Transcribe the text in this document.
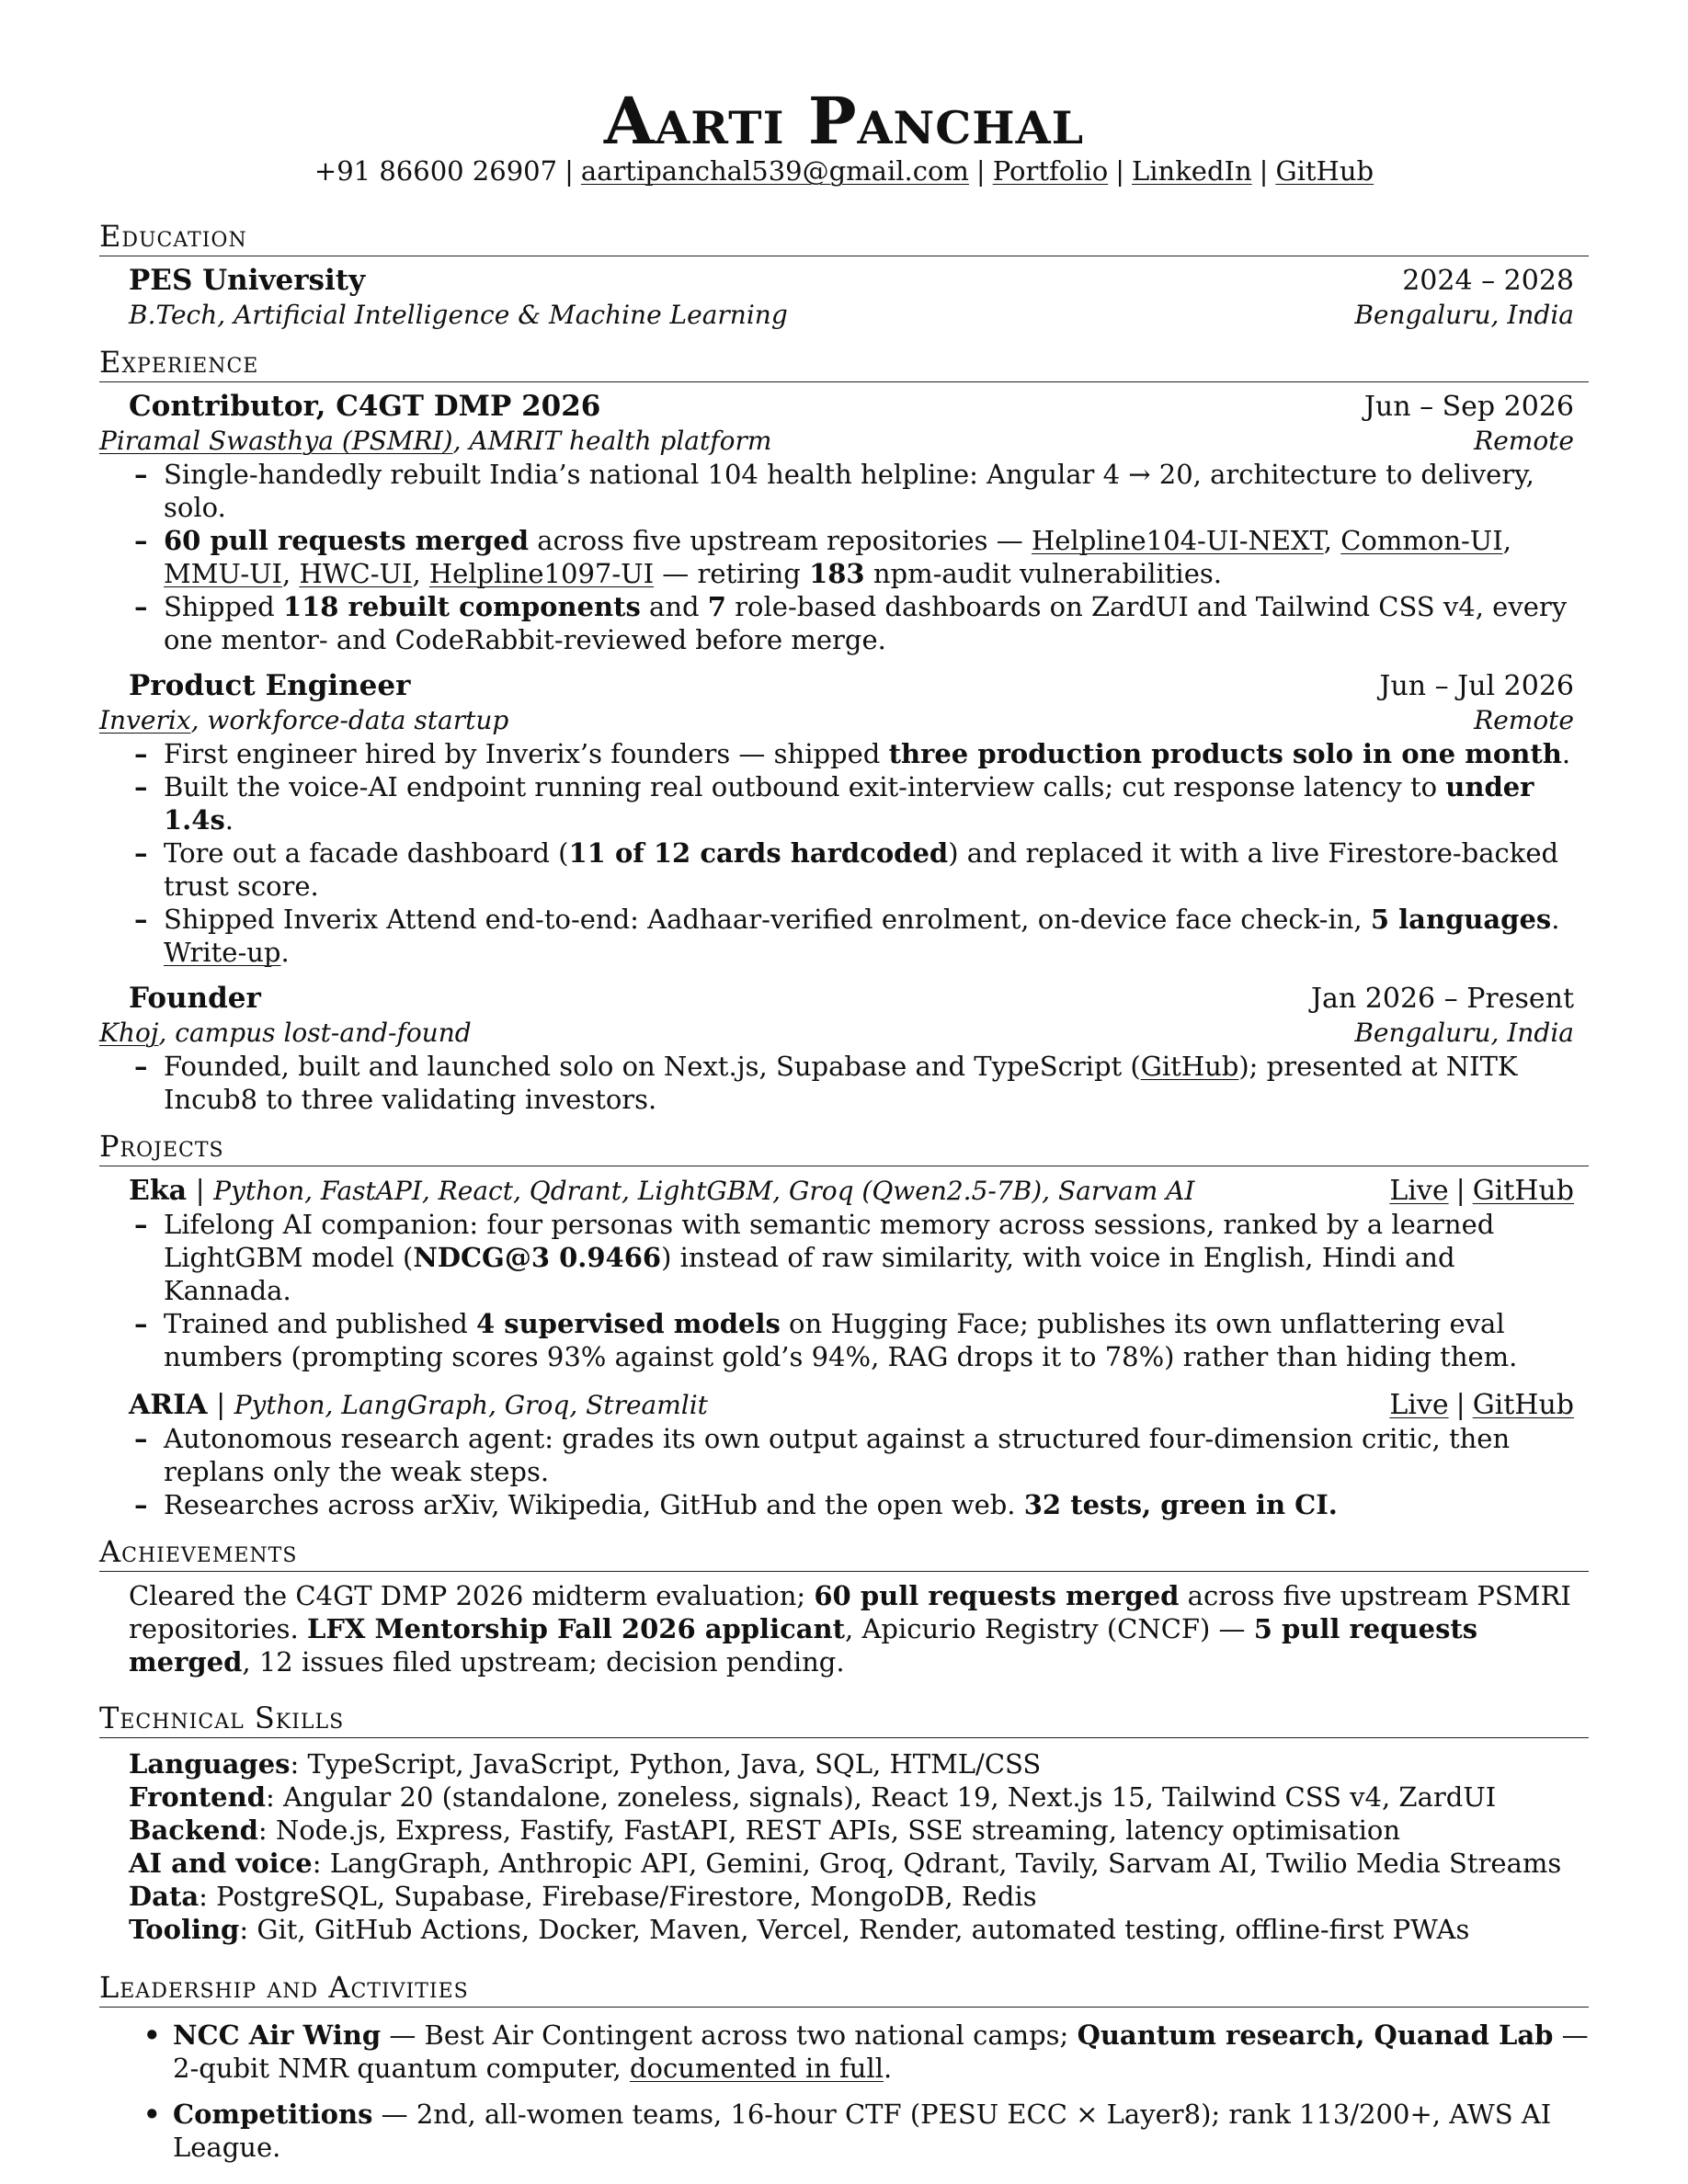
Aarti Panchal
+91 86600 26907 | aartipanchal539@gmail.com | Portfolio | LinkedIn | GitHub
Education
PES University	2024 – 2028
B.Tech, Artificial Intelligence & Machine Learning	Bengaluru, India
Experience
Contributor, C4GT DMP 2026	Jun – Sep 2026
Piramal Swasthya (PSMRI), AMRIT health platform	Remote
– Single-handedly rebuilt India’s national 104 health helpline: Angular 4 → 20, architecture to delivery, solo.
– 60 pull requests merged across five upstream repositories — Helpline104-UI-NEXT, Common-UI, MMU-UI, HWC-UI, Helpline1097-UI — retiring 183 npm-audit vulnerabilities.
– Shipped 118 rebuilt components and 7 role-based dashboards on ZardUI and Tailwind CSS v4, every one mentor- and CodeRabbit-reviewed before merge.
Product Engineer	Jun – Jul 2026
Inverix, workforce-data startup	Remote
– First engineer hired by Inverix’s founders — shipped three production products solo in one month.
– Built the voice-AI endpoint running real outbound exit-interview calls; cut response latency to under 1.4s.
– Tore out a facade dashboard (11 of 12 cards hardcoded) and replaced it with a live Firestore-backed trust score.
– Shipped Inverix Attend end-to-end: Aadhaar-verified enrolment, on-device face check-in, 5 languages. Write-up.
Founder	Jan 2026 – Present
Khoj, campus lost-and-found	Bengaluru, India
– Founded, built and launched solo on Next.js, Supabase and TypeScript (GitHub); presented at NITK Incub8 to three validating investors.
Projects
Eka | Python, FastAPI, React, Qdrant, LightGBM, Groq (Qwen2.5-7B), Sarvam AI	Live | GitHub
– Lifelong AI companion: four personas with semantic memory across sessions, ranked by a learned LightGBM model (NDCG@3 0.9466) instead of raw similarity, with voice in English, Hindi and Kannada.
– Trained and published 4 supervised models on Hugging Face; publishes its own unflattering eval numbers (prompting scores 93% against gold’s 94%, RAG drops it to 78%) rather than hiding them.
ARIA | Python, LangGraph, Groq, Streamlit	Live | GitHub
– Autonomous research agent: grades its own output against a structured four-dimension critic, then replans only the weak steps.
– Researches across arXiv, Wikipedia, GitHub and the open web. 32 tests, green in CI.
Achievements
Cleared the C4GT DMP 2026 midterm evaluation; 60 pull requests merged across five upstream PSMRI repositories. LFX Mentorship Fall 2026 applicant, Apicurio Registry (CNCF) — 5 pull requests merged, 12 issues filed upstream; decision pending.
Technical Skills
Languages: TypeScript, JavaScript, Python, Java, SQL, HTML/CSS
Frontend: Angular 20 (standalone, zoneless, signals), React 19, Next.js 15, Tailwind CSS v4, ZardUI
Backend: Node.js, Express, Fastify, FastAPI, REST APIs, SSE streaming, latency optimisation
AI and voice: LangGraph, Anthropic API, Gemini, Groq, Qdrant, Tavily, Sarvam AI, Twilio Media Streams
Data: PostgreSQL, Supabase, Firebase/Firestore, MongoDB, Redis
Tooling: Git, GitHub Actions, Docker, Maven, Vercel, Render, automated testing, offline-first PWAs
Leadership and Activities
• NCC Air Wing — Best Air Contingent across two national camps; Quantum research, Quanad Lab — 2-qubit NMR quantum computer, documented in full.
• Competitions — 2nd, all-women teams, 16-hour CTF (PESU ECC × Layer8); rank 113/200+, AWS AI League.
